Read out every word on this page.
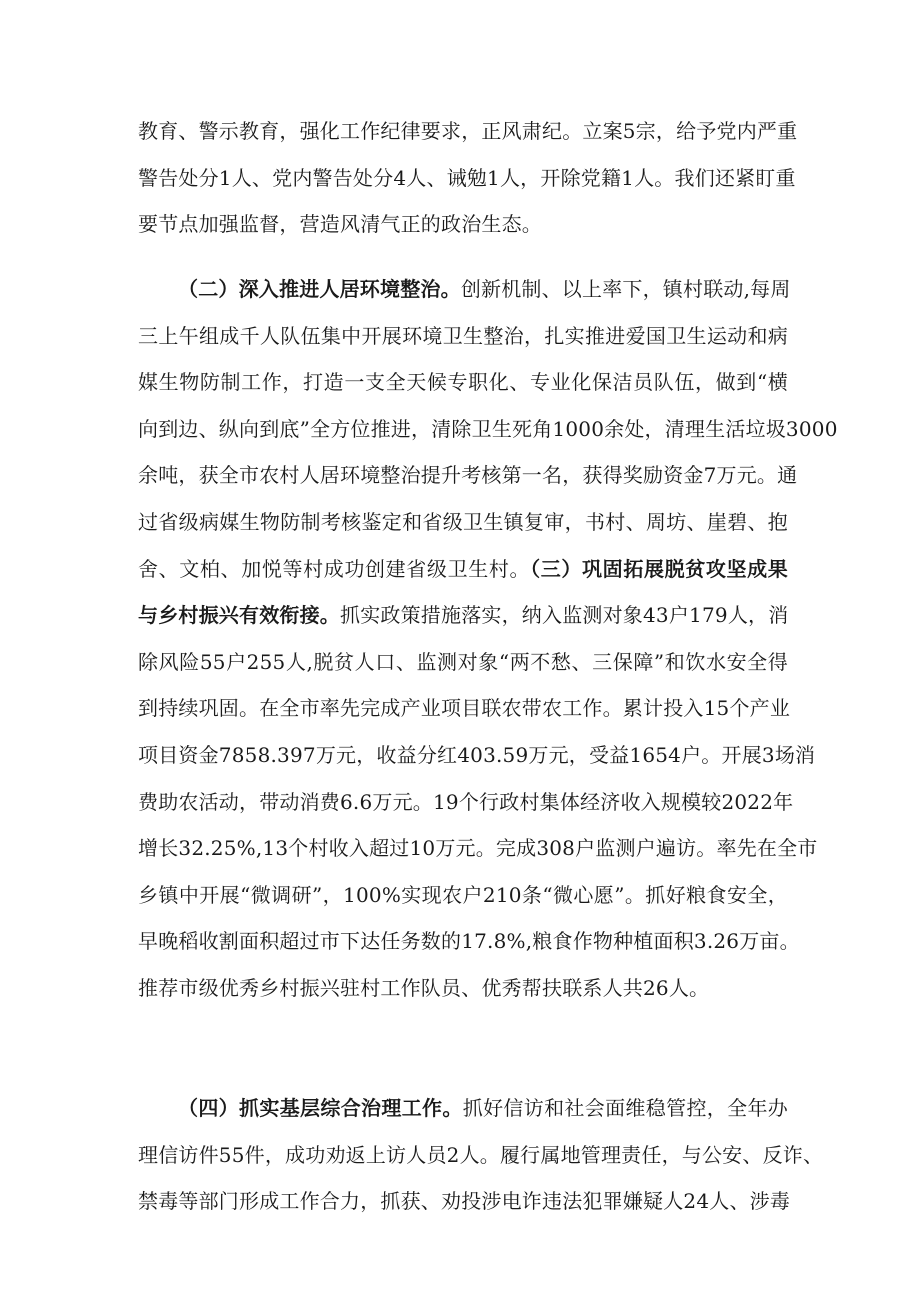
教育、警示教育，强化工作纪律要求，正风肃纪。立案5宗，给予党内严重
警告处分1人、党内警告处分4人、诫勉1人，开除党籍1人。我们还紧盯重
要节点加强监督，营造风清气正的政治生态。
（二）深入推进人居环境整治。创新机制、以上率下，镇村联动,每周
三上午组成千人队伍集中开展环境卫生整治，扎实推进爱国卫生运动和病
媒生物防制工作，打造一支全天候专职化、专业化保洁员队伍，做到“横
向到边、纵向到底”全方位推进，清除卫生死角1000余处，清理生活垃圾3000
余吨，获全市农村人居环境整治提升考核第一名，获得奖励资金7万元。通
过省级病媒生物防制考核鉴定和省级卫生镇复审，书村、周坊、崖碧、抱
舍、文柏、加悦等村成功创建省级卫生村。（三）巩固拓展脱贫攻坚成果
与乡村振兴有效衔接。抓实政策措施落实，纳入监测对象43户179人，消
除风险55户255人,脱贫人口、监测对象“两不愁、三保障”和饮水安全得
到持续巩固。在全市率先完成产业项目联农带农工作。累计投入15个产业
项目资金7858.397万元，收益分红403.59万元，受益1654户。开展3场消
费助农活动，带动消费6.6万元。19个行政村集体经济收入规模较2022年
增长32.25%,13个村收入超过10万元。完成308户监测户遍访。率先在全市
乡镇中开展“微调研”，100%实现农户210条“微心愿”。抓好粮食安全，
早晚稻收割面积超过市下达任务数的17.8%,粮食作物种植面积3.26万亩。
推荐市级优秀乡村振兴驻村工作队员、优秀帮扶联系人共26人。
（四）抓实基层综合治理工作。抓好信访和社会面维稳管控，全年办
理信访件55件，成功劝返上访人员2人。履行属地管理责任，与公安、反诈、
禁毒等部门形成工作合力，抓获、劝投涉电诈违法犯罪嫌疑人24人、涉毒
